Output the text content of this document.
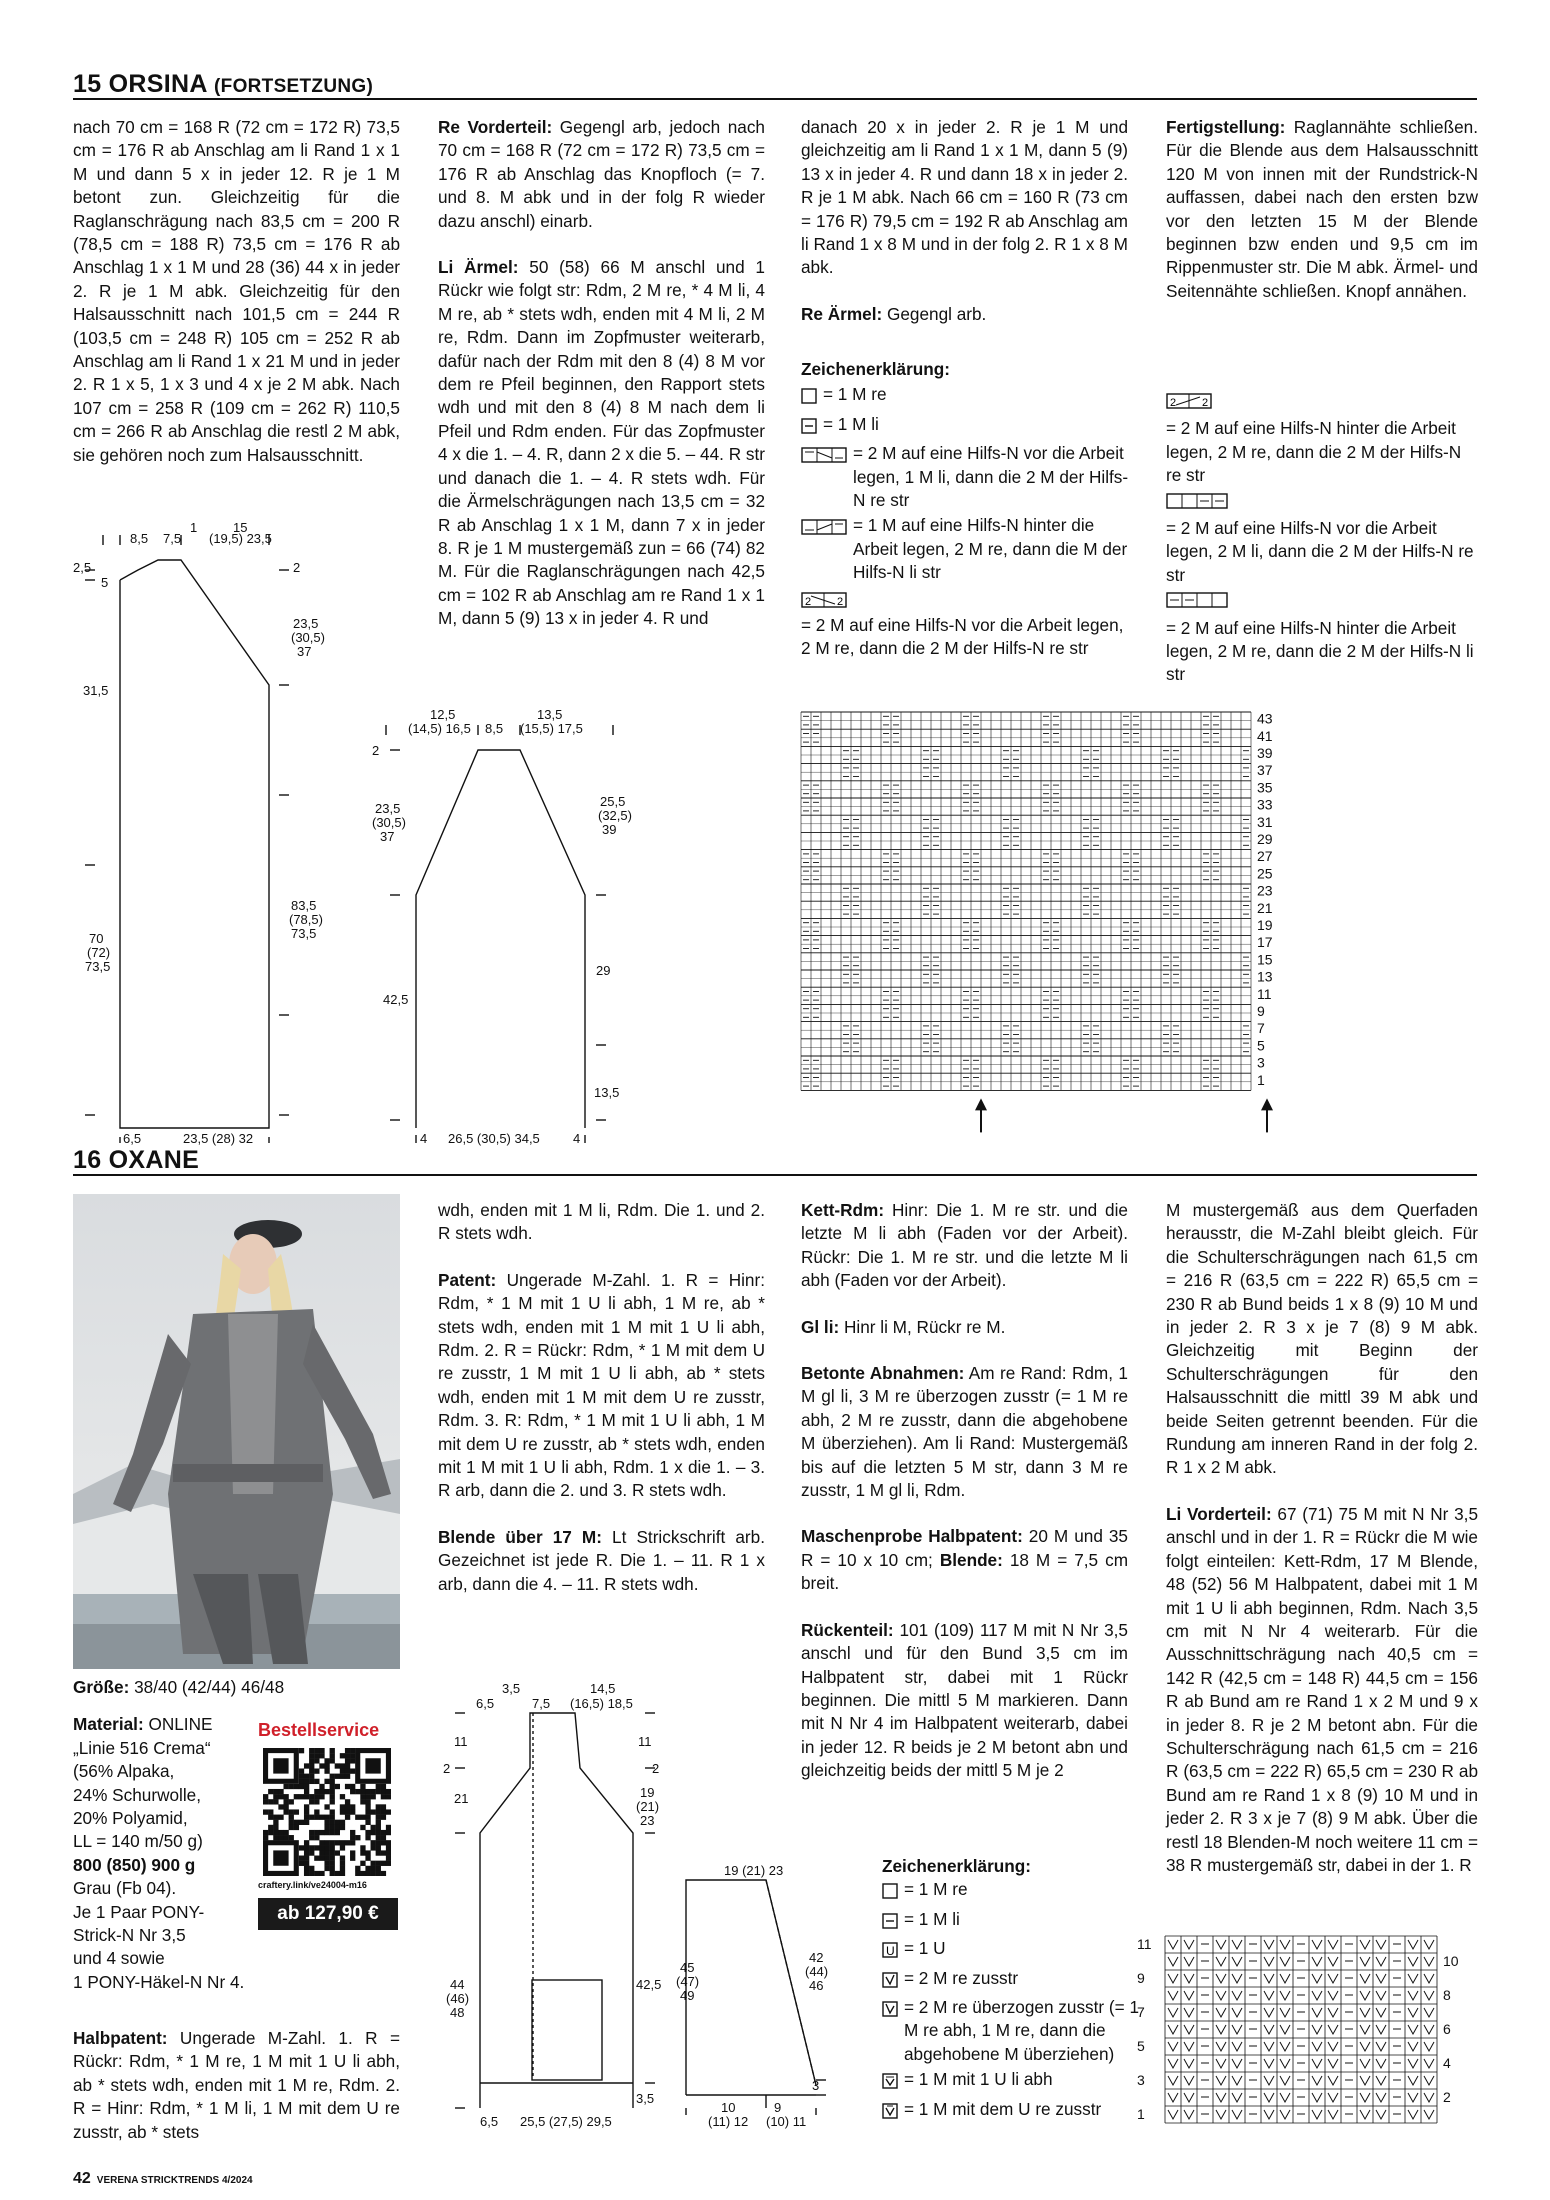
15 ORSINA (FORTSETZUNG)

nach 70 cm = 168 R (72 cm = 172 R) 73,5 cm = 176 R ab Anschlag am li Rand 1 x 1 M und dann 5 x in jeder 12. R je 1 M betont zun. Gleichzeitig für die Raglanschrägung nach 83,5 cm = 200 R (78,5 cm = 188 R) 73,5 cm = 176 R ab Anschlag 1 x 1 M und 28 (36) 44 x in jeder 2. R je 1 M abk. Gleichzeitig für den Halsausschnitt nach 101,5 cm = 244 R (103,5 cm = 248 R) 105 cm = 252 R ab Anschlag am li Rand 1 x 21 M und in jeder 2. R 1 x 5, 1 x 3 und 4 x je 2 M abk. Nach 107 cm = 258 R (109 cm = 262 R) 110,5 cm = 266 R ab Anschlag die restl 2 M abk, sie gehören noch zum Halsausschnitt.

Re Vorderteil: Gegengl arb, jedoch nach 70 cm = 168 R (72 cm = 172 R) 73,5 cm = 176 R ab Anschlag das Knopfloch (= 7. und 8. M abk und in der folg R wieder dazu anschl) einarb.

Li Ärmel: 50 (58) 66 M anschl und 1 Rückr wie folgt str: Rdm, 2 M re, * 4 M li, 4 M re, ab * stets wdh, enden mit 4 M li, 2 M re, Rdm. Dann im Zopfmuster weiterarb, dafür nach der Rdm mit den 8 (4) 8 M vor dem re Pfeil beginnen, den Rapport stets wdh und mit den 8 (4) 8 M nach dem li Pfeil und Rdm enden. Für das Zopfmuster 4 x die 1. – 4. R, dann 2 x die 5. – 44. R str und danach die 1. – 4. R stets wdh. Für die Ärmelschrägungen nach 13,5 cm = 32 R ab Anschlag 1 x 1 M, dann 7 x in jeder 8. R je 1 M mustergemäß zun = 66 (74) 82 M. Für die Raglanschrägungen nach 42,5 cm = 102 R ab Anschlag am re Rand 1 x 1 M, dann 5 (9) 13 x in jeder 4. R und

danach 20 x in jeder 2. R je 1 M und gleichzeitig am li Rand 1 x 1 M, dann 5 (9) 13 x in jeder 4. R und dann 18 x in jeder 2. R je 1 M abk. Nach 66 cm = 160 R (73 cm = 176 R) 79,5 cm = 192 R ab Anschlag am li Rand 1 x 8 M und in der folg 2. R 1 x 8 M abk.

Re Ärmel: Gegengl arb.

Zeichenerklärung:
= 1 M re
= 1 M li
= 2 M auf eine Hilfs-N vor die Arbeit legen, 1 M li, dann die 2 M der Hilfs-N re str
= 1 M auf eine Hilfs-N hinter die Arbeit legen, 2 M re, dann die M der Hilfs-N li str
2 2
= 2 M auf eine Hilfs-N vor die Arbeit legen, 2 M re, dann die 2 M der Hilfs-N re str

Fertigstellung: Raglannähte schließen. Für die Blende aus dem Halsausschnitt 120 M von innen mit der Rundstrick-N auffassen, dabei nach den ersten bzw vor den letzten 15 M der Blende beginnen bzw enden und 9,5 cm im Rippenmuster str. Die M abk. Ärmel- und Seitennähte schließen. Knopf annähen.

2 2
= 2 M auf eine Hilfs-N hinter die Arbeit legen, 2 M re, dann die 2 M der Hilfs-N re str
= 2 M auf eine Hilfs-N vor die Arbeit legen, 2 M li, dann die 2 M der Hilfs-N re str
= 2 M auf eine Hilfs-N hinter die Arbeit legen, 2 M re, dann die 2 M der Hilfs-N li str
8,5 7,5
1	15
(19,5) 23,5
2,5
5
31,5
70
(72)
73,5
2
23,5
(30,5)
37
83,5
(78,5)
73,5
6,5	23,5 (28) 32
12,5
(14,5) 16,5 8,5
13,5
(15,5) 17,5
2
23,5
(30,5)
37
42,5
25,5
(32,5)
39
29
13,5
4 26,5 (30,5) 34,5	4
43
41
39
37
35
33
31
29
27
25
23
21
19
17
15
13
11
9
7
5
3
1
16 OXANE
Größe: 38/40 (42/44) 46/48
Material: ONLINE
„Linie 516 Crema“
(56% Alpaka,
24% Schurwolle,
20% Polyamid,
LL = 140 m/50 g)
800 (850) 900 g
Grau (Fb 04).
Je 1 Paar PONY-
Strick-N Nr 3,5
und 4 sowie
1 PONY-Häkel-N Nr 4.
Bestellservice
craftery.link/ve24004-m16
ab 127,90 €

Halbpatent: Ungerade M-Zahl. 1. R = Rückr: Rdm, * 1 M re, 1 M mit 1 U li abh, ab * stets wdh, enden mit 1 M re, Rdm. 2. R = Hinr: Rdm, * 1 M li, 1 M mit dem U re zusstr, ab * stets

wdh, enden mit 1 M li, Rdm. Die 1. und 2. R stets wdh.

Patent: Ungerade M-Zahl. 1. R = Hinr: Rdm, * 1 M mit 1 U li abh, 1 M re, ab * stets wdh, enden mit 1 M mit 1 U li abh, Rdm. 2. R = Rückr: Rdm, * 1 M mit dem U re zusstr, 1 M mit 1 U li abh, ab * stets wdh, enden mit 1 M mit dem U re zusstr, Rdm. 3. R: Rdm, * 1 M mit 1 U li abh, 1 M mit dem U re zusstr, ab * stets wdh, enden mit 1 M mit 1 U li abh, Rdm. 1 x die 1. – 3. R arb, dann die 2. und 3. R stets wdh.

Blende über 17 M: Lt Strickschrift arb. Gezeichnet ist jede R. Die 1. – 11. R 1 x arb, dann die 4. – 11. R stets wdh.

Kett-Rdm: Hinr: Die 1. M re str. und die letzte M li abh (Faden vor der Arbeit). Rückr: Die 1. M re str. und die letzte M li abh (Faden vor der Arbeit).

Gl li: Hinr li M, Rückr re M.

Betonte Abnahmen: Am re Rand: Rdm, 1 M gl li, 3 M re überzogen zusstr (= 1 M re abh, 2 M re zusstr, dann die abgehobene M überziehen). Am li Rand: Mustergemäß bis auf die letzten 5 M str, dann 3 M re zusstr, 1 M gl li, Rdm.

Maschenprobe Halbpatent: 20 M und 35 R = 10 x 10 cm; Blende: 18 M = 7,5 cm breit.

Rückenteil: 101 (109) 117 M mit N Nr 3,5 anschl und für den Bund 3,5 cm im Halbpatent str, dabei mit 1 Rückr beginnen. Die mittl 5 M markieren. Dann mit N Nr 4 im Halbpatent weiterarb, dabei in jeder 12. R beids je 2 M betont abn und gleichzeitig beids der mittl 5 M je 2

Zeichenerklärung:
= 1 M re
= 1 M li
U = 1 U
= 2 M re zusstr
= 2 M re überzogen zusstr (= 1 M re abh, 1 M re, dann die abgehobene M überziehen)
= 1 M mit 1 U li abh
= 1 M mit dem U re zusstr

M mustergemäß aus dem Querfaden herausstr, die M-Zahl bleibt gleich. Für die Schulterschrägungen nach 61,5 cm = 216 R (63,5 cm = 222 R) 65,5 cm = 230 R ab Bund beids 1 x 8 (9) 10 M und in jeder 2. R 3 x je 7 (8) 9 M abk. Gleichzeitig mit Beginn der Schulterschrägungen für den Halsausschnitt die mittl 39 M abk und beide Seiten getrennt beenden. Für die Rundung am inneren Rand in der folg 2. R 1 x 2 M abk.

Li Vorderteil: 67 (71) 75 M mit N Nr 3,5 anschl und in der 1. R = Rückr die M wie folgt einteilen: Kett-Rdm, 17 M Blende, 48 (52) 56 M Halbpatent, dabei mit 1 M mit 1 U li abh beginnen, Rdm. Nach 3,5 cm mit N Nr 4 weiterarb. Für die Ausschnittschrägung nach 40,5 cm = 142 R (42,5 cm = 148 R) 44,5 cm = 156 R ab Bund am re Rand 1 x 2 M und 9 x in jeder 8. R je 2 M betont abn. Für die Schulterschrägung nach 61,5 cm = 216 R (63,5 cm = 222 R) 65,5 cm = 230 R ab Bund am re Rand 1 x 8 (9) 10 M und in jeder 2. R 3 x je 7 (8) 9 M abk. Über die restl 18 Blenden-M noch weitere 11 cm = 38 R mustergemäß str, dabei in der 1. R

3,5
6,5	7,5
14,5
(16,5) 18,5
11
2
21
44
(46)
48
11
2
19
(21)
23
42,5
3,5
6,5 25,5 (27,5) 29,5
19 (21) 23
45
(47)
49
42
(44)
46
3
10
(11) 12
9
(10) 11
11
9
7
5
3
1
10
8
6
4
2
42 VERENA STRICKTRENDS 4/2024
